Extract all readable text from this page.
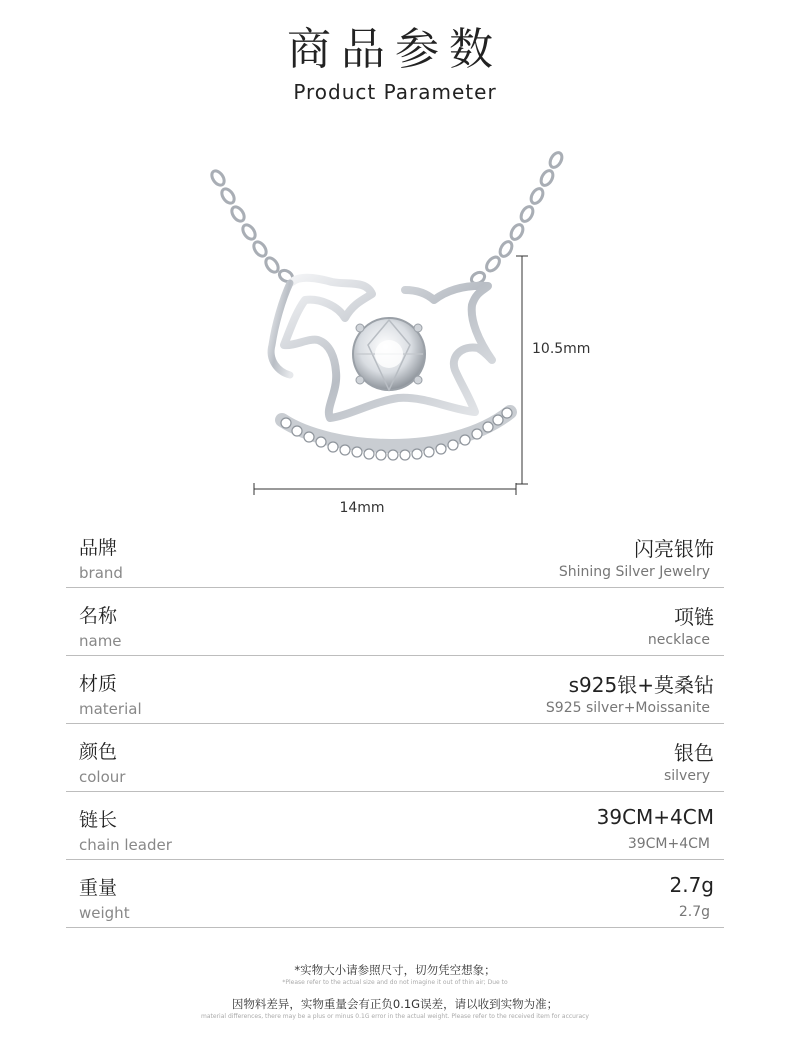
商品参数
Product Parameter
14mm
10.5mm
品牌
brand
闪亮银饰
Shining Silver Jewelry
名称
name
项链
necklace
材质
material
s925银+莫桑钻
S925 silver+Moissanite
颜色
colour
银色
silvery
链长
chain leader
39CM+4CM
39CM+4CM
重量
weight
2.7g
2.7g
*实物大小请参照尺寸，切勿凭空想象；
*Please refer to the actual size and do not imagine it out of thin air; Due to
因物料差异，实物重量会有正负0.1G误差，请以收到实物为准；
material differences, there may be a plus or minus 0.1G error in the actual weight. Please refer to the received item for accuracy
